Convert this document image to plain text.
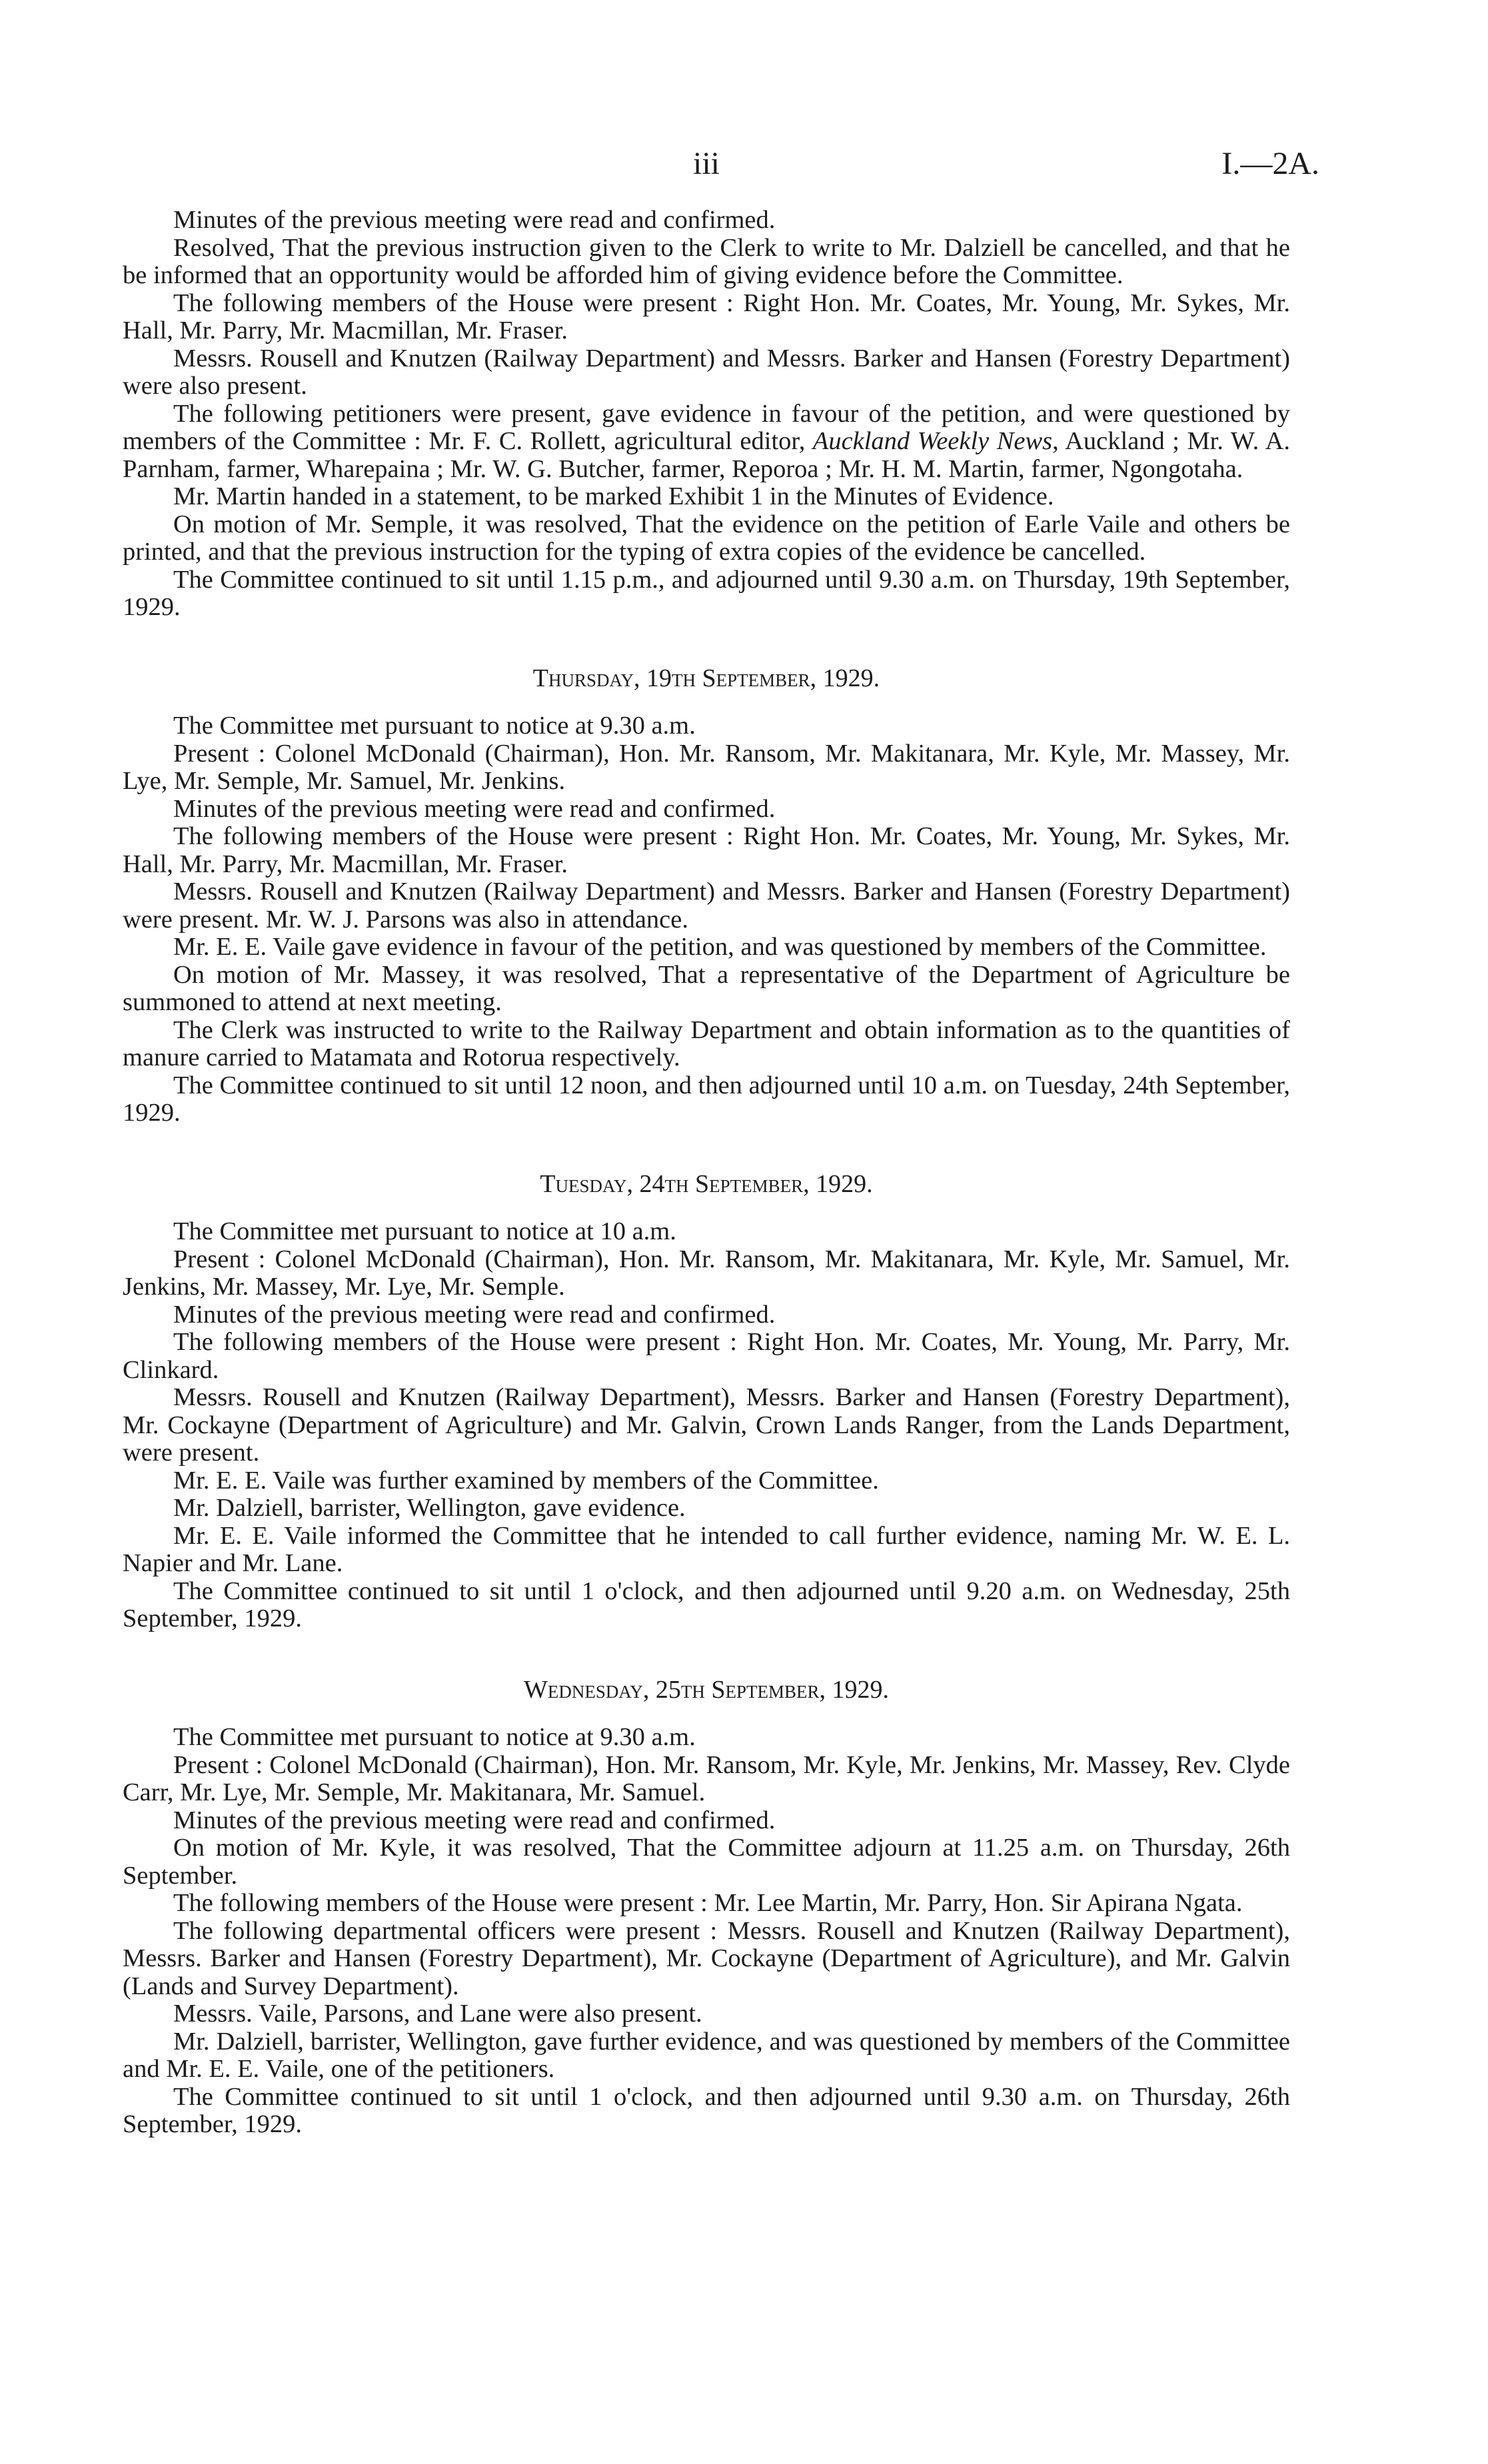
iii	I.—2A.

Minutes of the previous meeting were read and confirmed.

Resolved, That the previous instruction given to the Clerk to write to Mr. Dalziell be cancelled, and that he be informed that an opportunity would be afforded him of giving evidence before the Committee.

The following members of the House were present : Right Hon. Mr. Coates, Mr. Young, Mr. Sykes, Mr. Hall, Mr. Parry, Mr. Macmillan, Mr. Fraser.

Messrs. Rousell and Knutzen (Railway Department) and Messrs. Barker and Hansen (Forestry Department) were also present.

The following petitioners were present, gave evidence in favour of the petition, and were questioned by members of the Committee : Mr. F. C. Rollett, agricultural editor, Auckland Weekly News, Auckland ; Mr. W. A. Parnham, farmer, Wharepaina ; Mr. W. G. Butcher, farmer, Reporoa ; Mr. H. M. Martin, farmer, Ngongotaha.

Mr. Martin handed in a statement, to be marked Exhibit 1 in the Minutes of Evidence.

On motion of Mr. Semple, it was resolved, That the evidence on the petition of Earle Vaile and others be printed, and that the previous instruction for the typing of extra copies of the evidence be cancelled.

The Committee continued to sit until 1.15 p.m., and adjourned until 9.30 a.m. on Thursday, 19th September, 1929.

Thursday, 19th September, 1929.

The Committee met pursuant to notice at 9.30 a.m.

Present : Colonel McDonald (Chairman), Hon. Mr. Ransom, Mr. Makitanara, Mr. Kyle, Mr. Massey, Mr. Lye, Mr. Semple, Mr. Samuel, Mr. Jenkins.

Minutes of the previous meeting were read and confirmed.

The following members of the House were present : Right Hon. Mr. Coates, Mr. Young, Mr. Sykes, Mr. Hall, Mr. Parry, Mr. Macmillan, Mr. Fraser.

Messrs. Rousell and Knutzen (Railway Department) and Messrs. Barker and Hansen (Forestry Department) were present. Mr. W. J. Parsons was also in attendance.

Mr. E. E. Vaile gave evidence in favour of the petition, and was questioned by members of the Committee.

On motion of Mr. Massey, it was resolved, That a representative of the Department of Agriculture be summoned to attend at next meeting.

The Clerk was instructed to write to the Railway Department and obtain information as to the quantities of manure carried to Matamata and Rotorua respectively.

The Committee continued to sit until 12 noon, and then adjourned until 10 a.m. on Tuesday, 24th September, 1929.

Tuesday, 24th September, 1929.

The Committee met pursuant to notice at 10 a.m.

Present : Colonel McDonald (Chairman), Hon. Mr. Ransom, Mr. Makitanara, Mr. Kyle, Mr. Samuel, Mr. Jenkins, Mr. Massey, Mr. Lye, Mr. Semple.

Minutes of the previous meeting were read and confirmed.

The following members of the House were present : Right Hon. Mr. Coates, Mr. Young, Mr. Parry, Mr. Clinkard.

Messrs. Rousell and Knutzen (Railway Department), Messrs. Barker and Hansen (Forestry Department), Mr. Cockayne (Department of Agriculture) and Mr. Galvin, Crown Lands Ranger, from the Lands Department, were present.

Mr. E. E. Vaile was further examined by members of the Committee.

Mr. Dalziell, barrister, Wellington, gave evidence.

Mr. E. E. Vaile informed the Committee that he intended to call further evidence, naming Mr. W. E. L. Napier and Mr. Lane.

The Committee continued to sit until 1 o'clock, and then adjourned until 9.20 a.m. on Wednesday, 25th September, 1929.

Wednesday, 25th September, 1929.

The Committee met pursuant to notice at 9.30 a.m.

Present : Colonel McDonald (Chairman), Hon. Mr. Ransom, Mr. Kyle, Mr. Jenkins, Mr. Massey, Rev. Clyde Carr, Mr. Lye, Mr. Semple, Mr. Makitanara, Mr. Samuel.

Minutes of the previous meeting were read and confirmed.

On motion of Mr. Kyle, it was resolved, That the Committee adjourn at 11.25 a.m. on Thursday, 26th September.

The following members of the House were present : Mr. Lee Martin, Mr. Parry, Hon. Sir Apirana Ngata.

The following departmental officers were present : Messrs. Rousell and Knutzen (Railway Department), Messrs. Barker and Hansen (Forestry Department), Mr. Cockayne (Department of Agriculture), and Mr. Galvin (Lands and Survey Department).

Messrs. Vaile, Parsons, and Lane were also present.

Mr. Dalziell, barrister, Wellington, gave further evidence, and was questioned by members of the Committee and Mr. E. E. Vaile, one of the petitioners.

The Committee continued to sit until 1 o'clock, and then adjourned until 9.30 a.m. on Thursday, 26th September, 1929.
